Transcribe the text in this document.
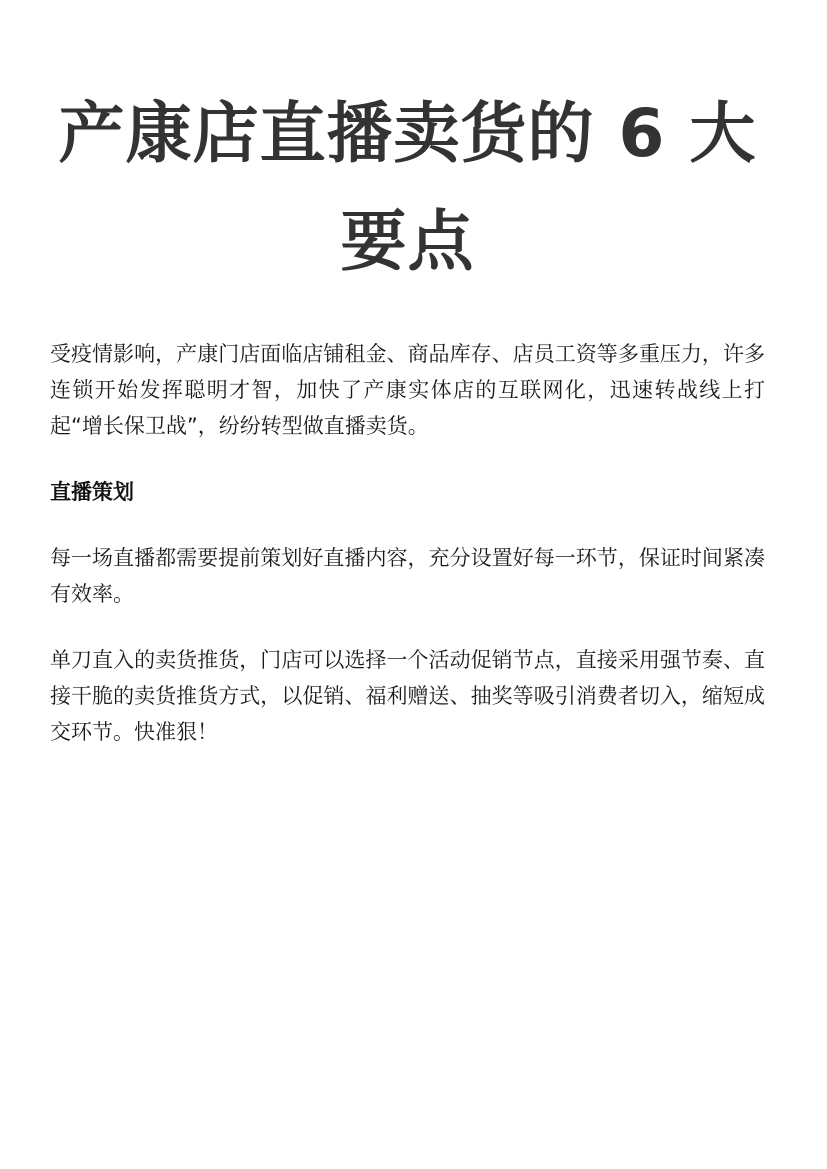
产康店直播卖货的 6 大要点

受疫情影响，产康门店面临店铺租金、商品库存、店员工资等多重压力，许多连锁开始发挥聪明才智，加快了产康实体店的互联网化，迅速转战线上打起“增长保卫战”，纷纷转型做直播卖货。

直播策划

每一场直播都需要提前策划好直播内容，充分设置好每一环节，保证时间紧凑有效率。

单刀直入的卖货推货，门店可以选择一个活动促销节点，直接采用强节奏、直接干脆的卖货推货方式，以促销、福利赠送、抽奖等吸引消费者切入，缩短成交环节。快准狠！
